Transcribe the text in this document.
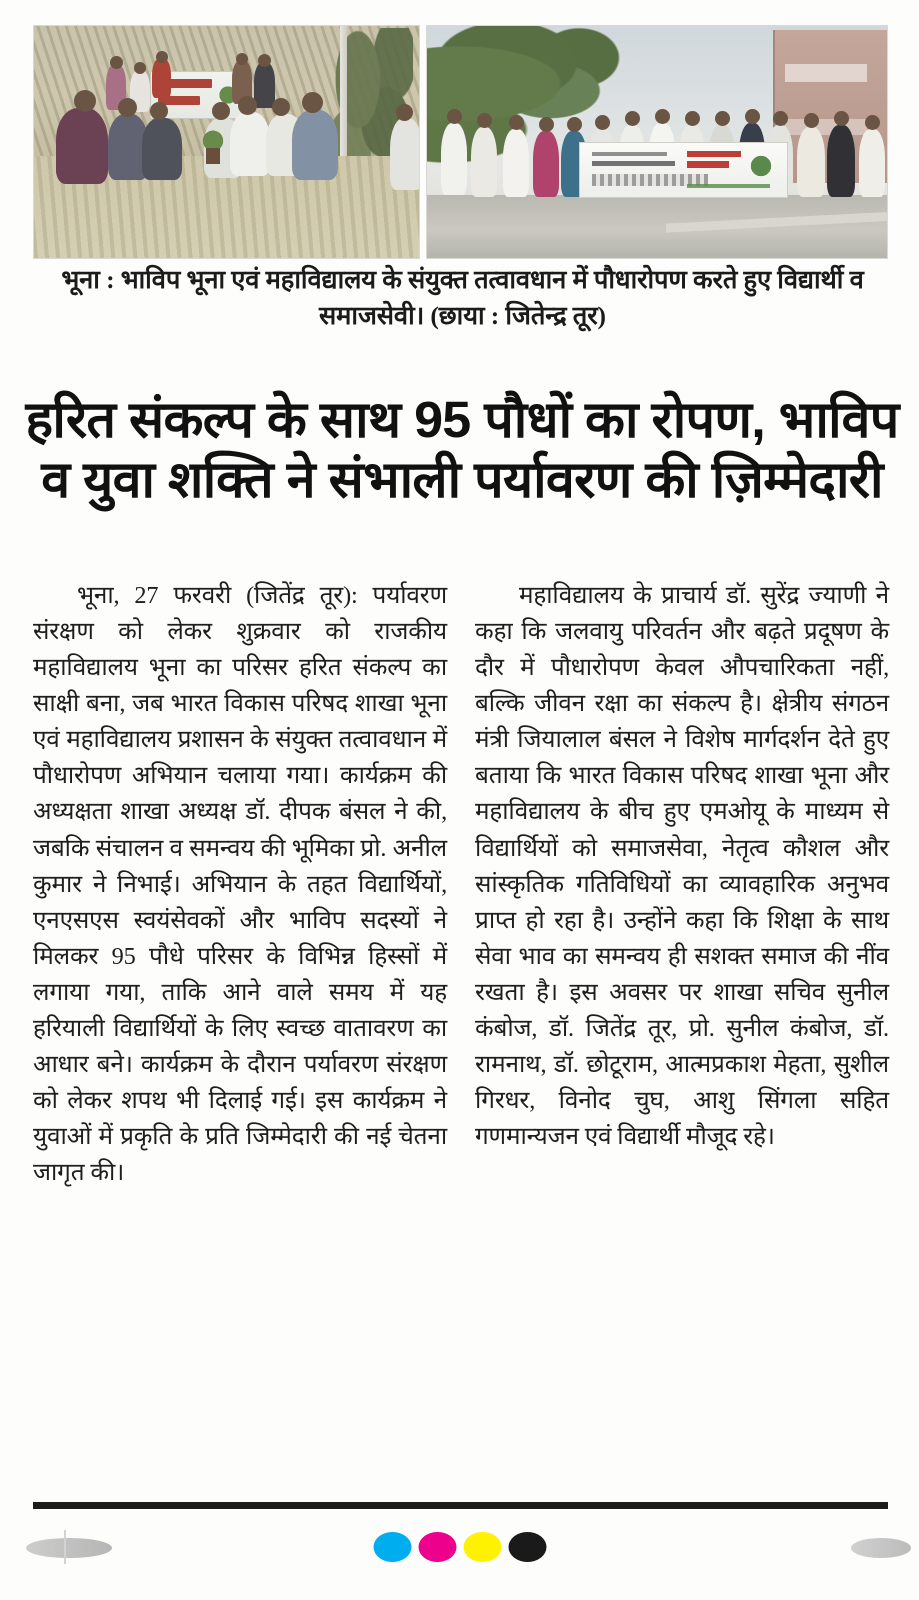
भूना : भाविप भूना एवं महाविद्यालय के संयुक्त तत्वावधान में पौधारोपण करते हुए विद्यार्थी व समाजसेवी। (छाया : जितेन्द्र तूर)
हरित संकल्प के साथ 95 पौधों का रोपण, भाविप
व युवा शक्ति ने संभाली पर्यावरण की ज़िम्मेदारी

भूना, 27 फरवरी (जितेंद्र तूर): पर्यावरण संरक्षण को लेकर शुक्रवार को राजकीय महाविद्यालय भूना का परिसर हरित संकल्प का साक्षी बना, जब भारत विकास परिषद शाखा भूना एवं महाविद्यालय प्रशासन के संयुक्त तत्वावधान में पौधारोपण अभियान चलाया गया। कार्यक्रम की अध्यक्षता शाखा अध्यक्ष डॉ. दीपक बंसल ने की, जबकि संचालन व समन्वय की भूमिका प्रो. अनील कुमार ने निभाई। अभियान के तहत विद्यार्थियों, एनएसएस स्वयंसेवकों और भाविप सदस्यों ने मिलकर 95 पौधे परिसर के विभिन्न हिस्सों में लगाया गया, ताकि आने वाले समय में यह हरियाली विद्यार्थियों के लिए स्वच्छ वातावरण का आधार बने। कार्यक्रम के दौरान पर्यावरण संरक्षण को लेकर शपथ भी दिलाई गई। इस कार्यक्रम ने युवाओं में प्रकृति के प्रति जिम्मेदारी की नई चेतना जागृत की।

महाविद्यालय के प्राचार्य डॉ. सुरेंद्र ज्याणी ने कहा कि जलवायु परिवर्तन और बढ़ते प्रदूषण के दौर में पौधारोपण केवल औपचारिकता नहीं, बल्कि जीवन रक्षा का संकल्प है। क्षेत्रीय संगठन मंत्री जियालाल बंसल ने विशेष मार्गदर्शन देते हुए बताया कि भारत विकास परिषद शाखा भूना और महाविद्यालय के बीच हुए एमओयू के माध्यम से विद्यार्थियों को समाजसेवा, नेतृत्व कौशल और सांस्कृतिक गतिविधियों का व्यावहारिक अनुभव प्राप्त हो रहा है। उन्होंने कहा कि शिक्षा के साथ सेवा भाव का समन्वय ही सशक्त समाज की नींव रखता है। इस अवसर पर शाखा सचिव सुनील कंबोज, डॉ. जितेंद्र तूर, प्रो. सुनील कंबोज, डॉ. रामनाथ, डॉ. छोटूराम, आत्मप्रकाश मेहता, सुशील गिरधर, विनोद चुघ, आशु सिंगला सहित गणमान्यजन एवं विद्यार्थी मौजूद रहे।
